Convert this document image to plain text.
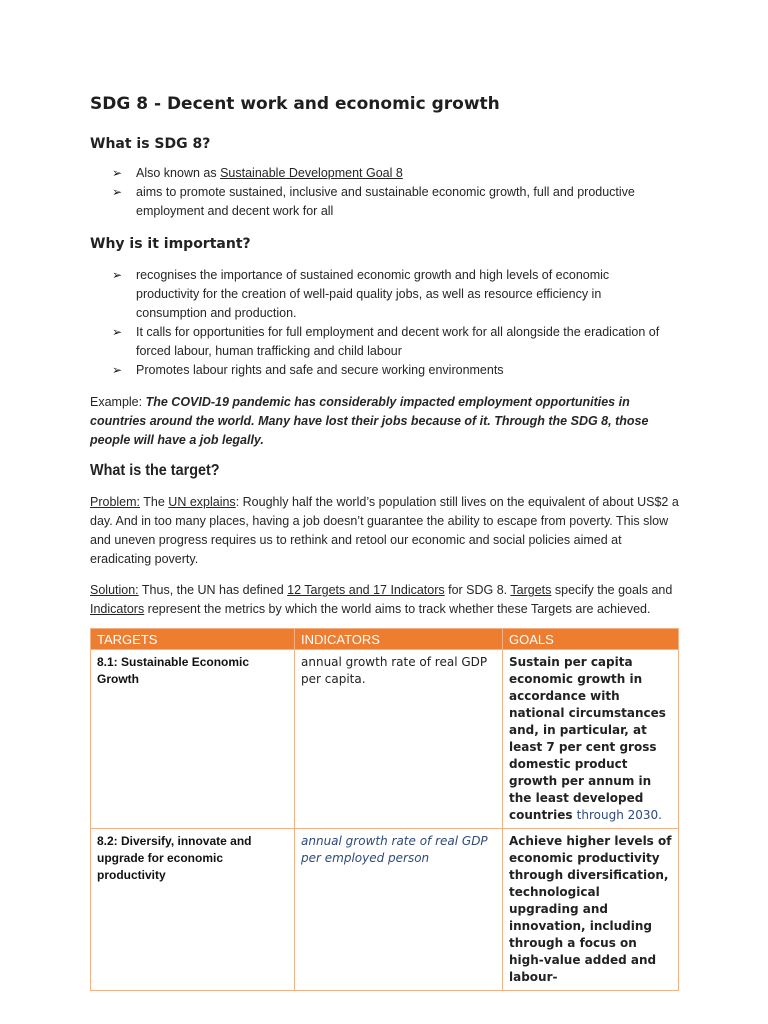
SDG 8 - Decent work and economic growth
What is SDG 8?
➢ Also known as Sustainable Development Goal 8
➢ aims to promote sustained, inclusive and sustainable economic growth, full and productive employment and decent work for all
Why is it important?
➢ recognises the importance of sustained economic growth and high levels of economic productivity for the creation of well-paid quality jobs, as well as resource efficiency in consumption and production.
➢ It calls for opportunities for full employment and decent work for all alongside the eradication of forced labour, human trafficking and child labour
➢ Promotes labour rights and safe and secure working environments

Example: The COVID-19 pandemic has considerably impacted employment opportunities in countries around the world. Many have lost their jobs because of it. Through the SDG 8, those people will have a job legally.

What is the target?

Problem: The UN explains: Roughly half the world’s population still lives on the equivalent of about US$2 a day. And in too many places, having a job doesn’t guarantee the ability to escape from poverty. This slow and uneven progress requires us to rethink and retool our economic and social policies aimed at eradicating poverty.

Solution: Thus, the UN has defined 12 Targets and 17 Indicators for SDG 8. Targets specify the goals and Indicators represent the metrics by which the world aims to track whether these Targets are achieved.

TARGETS	INDICATORS	GOALS
8.1: Sustainable Economic Growth	annual growth rate of real GDP per capita.	Sustain per capita economic growth in accordance with national circumstances and, in particular, at least 7 per cent gross domestic product growth per annum in the least developed countries through 2030.
8.2: Diversify, innovate and upgrade for economic productivity	annual growth rate of real GDP per employed person	Achieve higher levels of economic productivity through diversification, technological upgrading and innovation, including through a focus on high-value added and labour-
